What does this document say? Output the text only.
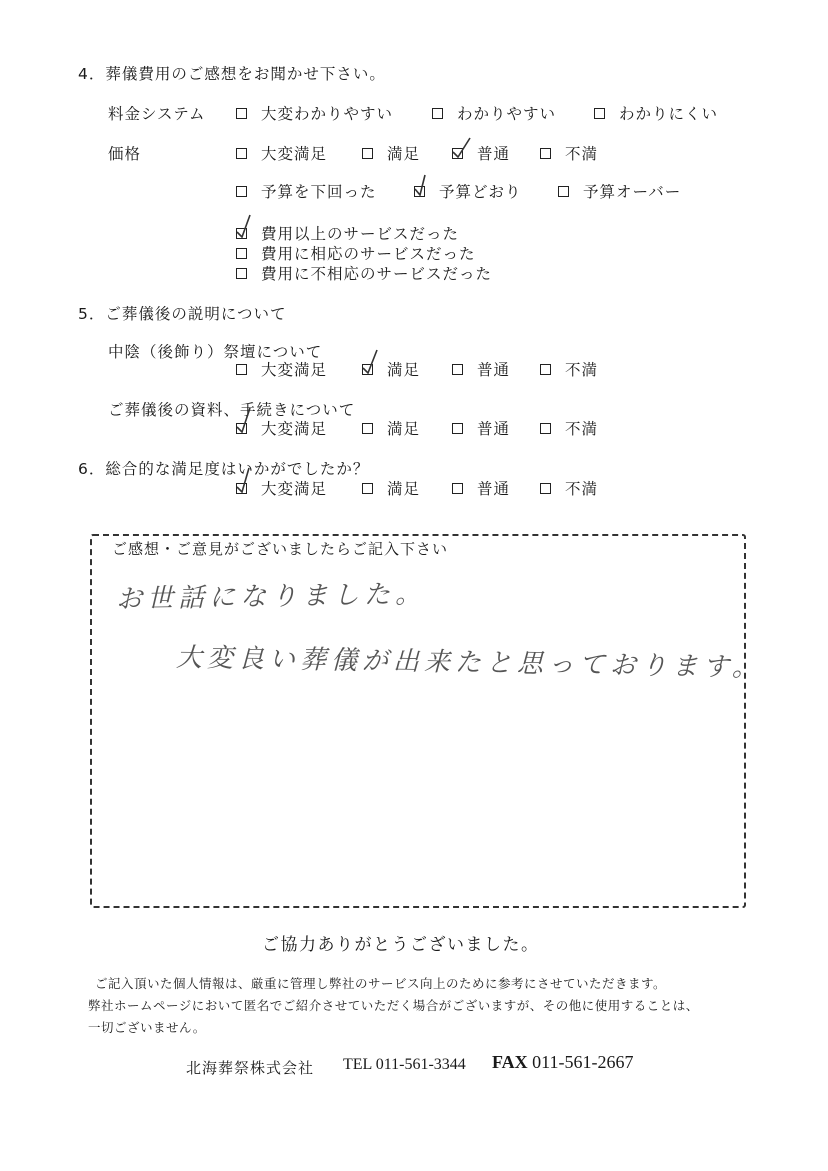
4．葬儀費用のご感想をお聞かせ下さい。
料金システム	大変わかりやすい	わかりやすい	わかりにくい
価格	大変満足	満足	普通	不満
予算を下回った	予算どおり	予算オーバー
費用以上のサービスだった
費用に相応のサービスだった
費用に不相応のサービスだった
5．ご葬儀後の説明について
中陰（後飾り）祭壇について
大変満足	満足	普通	不満
ご葬儀後の資料、手続きについて
大変満足	満足	普通	不満
6．総合的な満足度はいかがでしたか？
大変満足	満足	普通	不満
ご感想・ご意見がございましたらご記入下さい
お世話になりました。
大変良い葬儀が出来たと思っております。
ご協力ありがとうございました。
ご記入頂いた個人情報は、厳重に管理し弊社のサービス向上のために参考にさせていただきます。
弊社ホームページにおいて匿名でご紹介させていただく場合がございますが、その他に使用することは、
一切ございません。
北海葬祭株式会社 TEL 011-561-3344 FAX 011-561-2667
